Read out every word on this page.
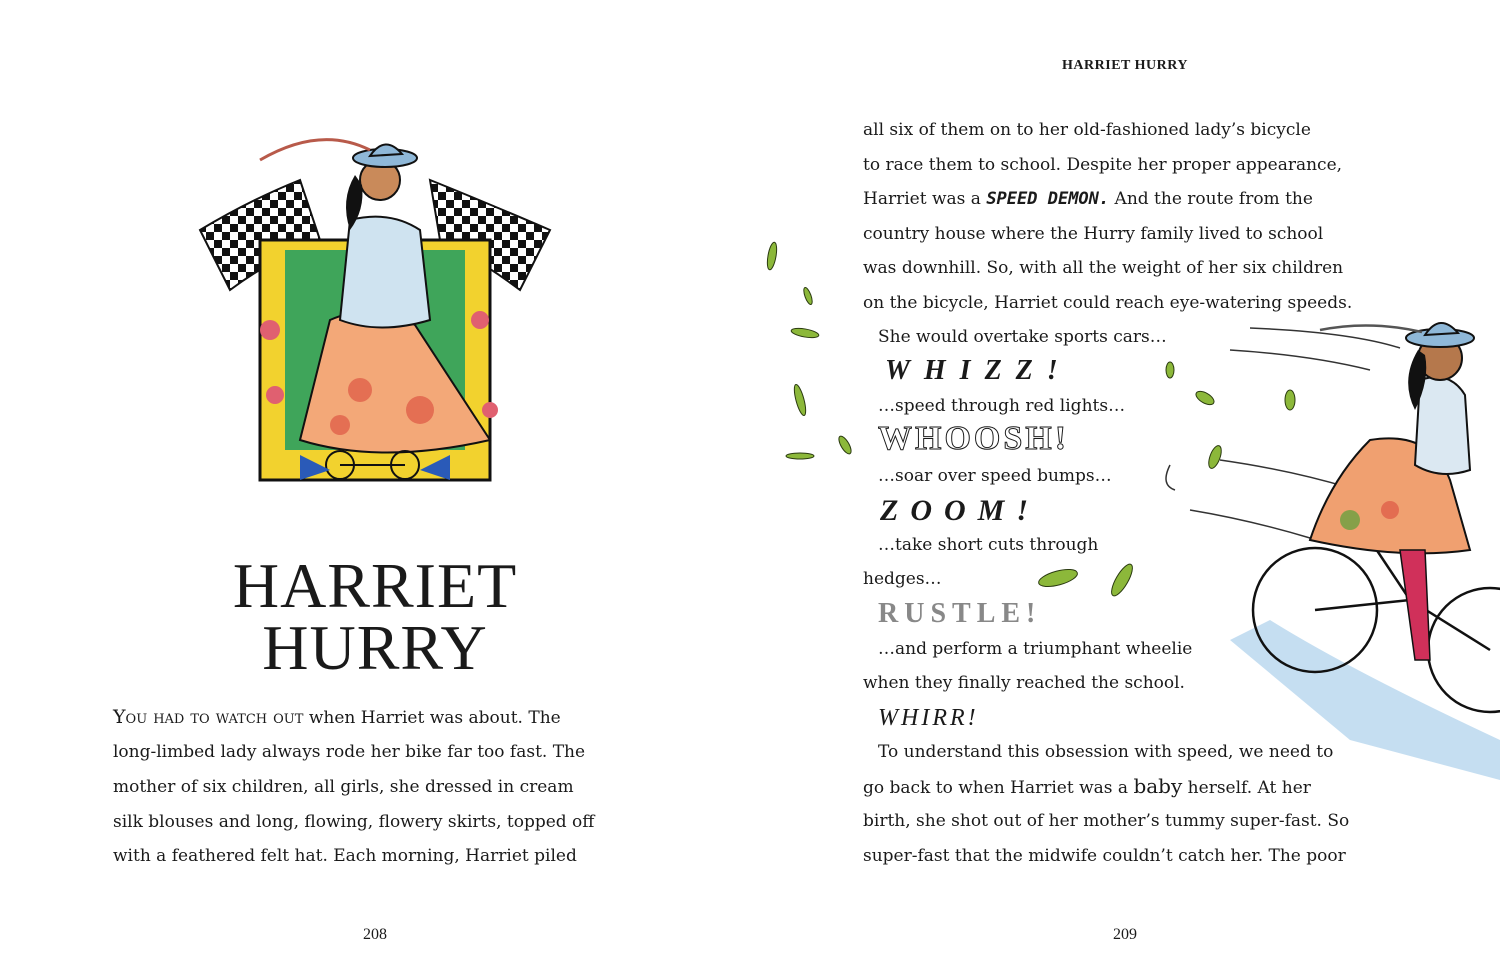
HARRIET
HURRY
You had to watch out when Harriet was about. The
long-limbed lady always rode her bike far too fast. The
mother of six children, all girls, she dressed in cream
silk blouses and long, flowing, flowery skirts, topped off
with a feathered felt hat. Each morning, Harriet piled
208
HARRIET HURRY
all six of them on to her old-fashioned lady’s bicycle
to race them to school. Despite her proper appearance,
Harriet was a SPEED DEMON. And the route from the
country house where the Hurry family lived to school
was downhill. So, with all the weight of her six children
on the bicycle, Harriet could reach eye-watering speeds.
She would overtake sports cars…
WHIZZ!
…speed through red lights…
WHOOSH!
…soar over speed bumps…
ZOOM!
…take short cuts through
hedges…
RUSTLE!
…and perform a triumphant wheelie
when they finally reached the school.
WHIRR!
To understand this obsession with speed, we need to
go back to when Harriet was a baby herself. At her
birth, she shot out of her mother’s tummy super-fast. So
super-fast that the midwife couldn’t catch her. The poor
209
